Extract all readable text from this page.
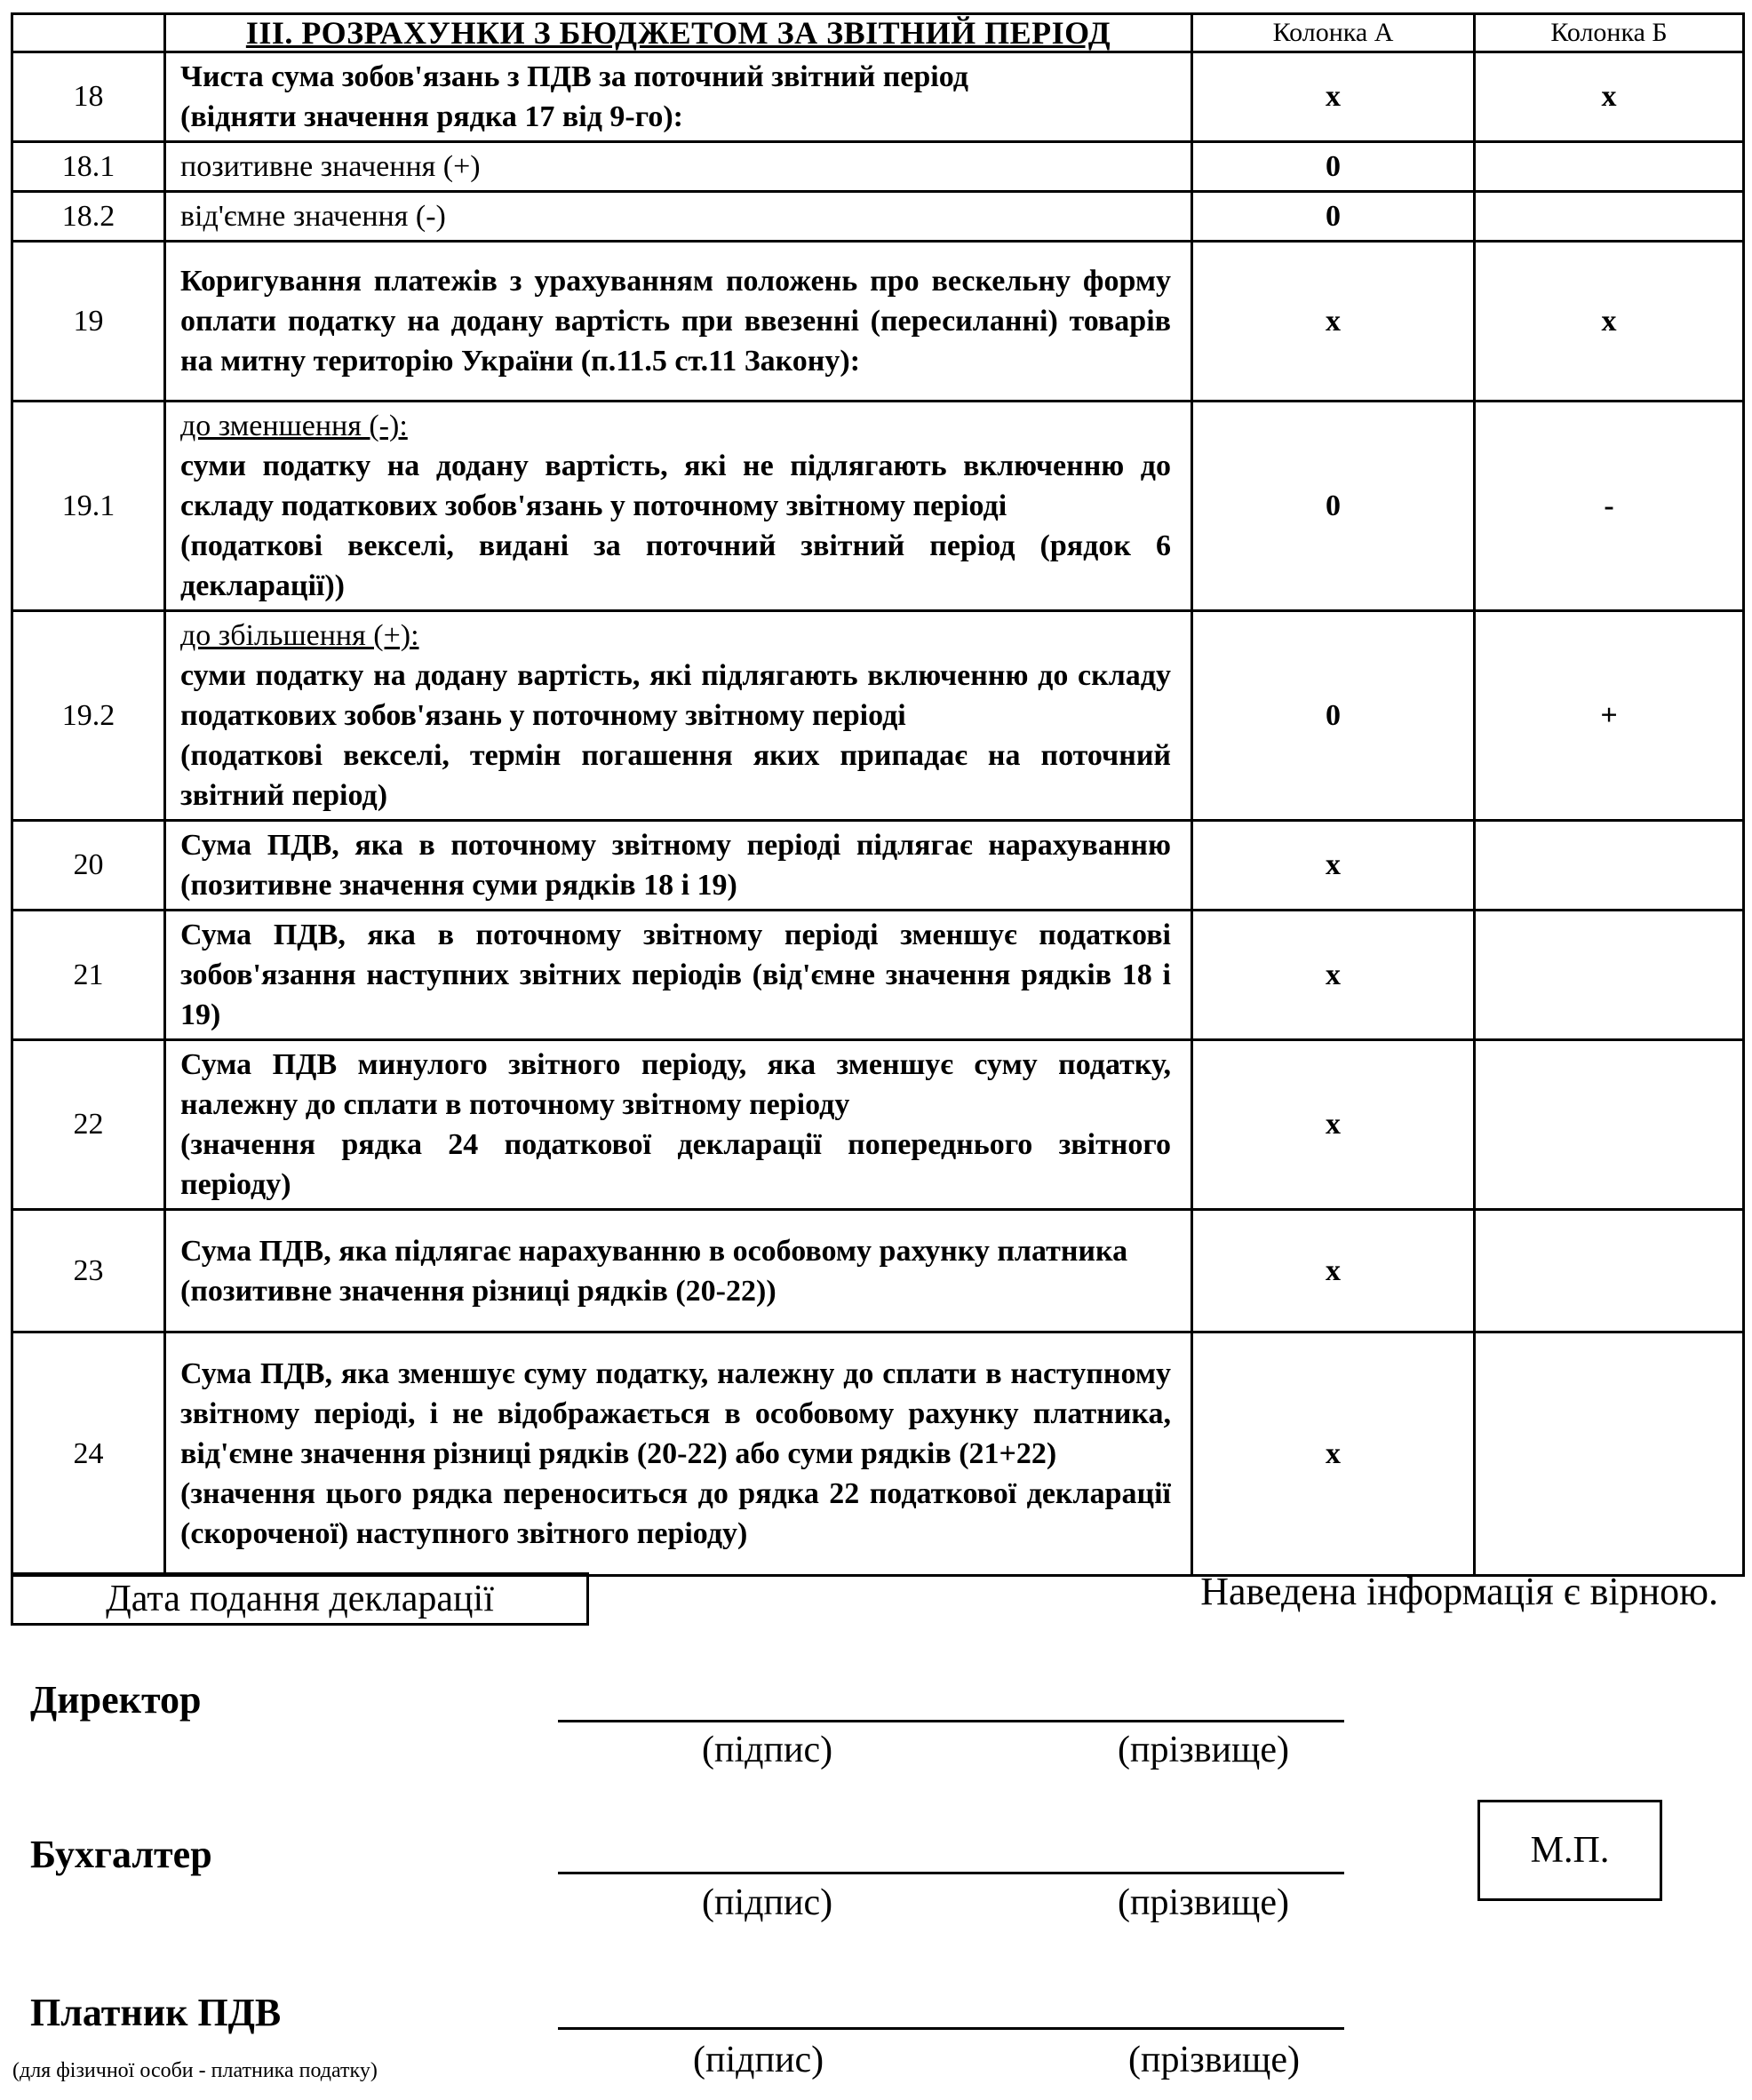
	III. РОЗРАХУНКИ З БЮДЖЕТОМ ЗА ЗВІТНИЙ ПЕРІОД	Колонка А	Колонка Б
18	Чиста сума зобов'язань з ПДВ за поточний звітний період
(відняти значення рядка 17 від 9-го):	х	х
18.1	позитивне значення (+)	0	
18.2	від'ємне значення (-)	0	
19	Коригування платежів з урахуванням положень про вескельну форму оплати податку на додану вартість при ввезенні (пересиланні) товарів на митну територію України (п.11.5 ст.11 Закону):	х	х
19.1	до зменшення (-):
суми податку на додану вартість, які не підлягають включенню до складу податкових зобов'язань у поточному звітному періоді
(податкові векселі, видані за поточний звітний період (рядок 6 декларації))	0	-
19.2	до збільшення (+):
суми податку на додану вартість, які підлягають включенню до складу податкових зобов'язань у поточному звітному періоді
(податкові векселі, термін погашення яких припадає на поточний звітний період)	0	+
20	Сума ПДВ, яка в поточному звітному періоді підлягає нарахуванню (позитивне значення суми рядків 18 і 19)	х	
21	Сума ПДВ, яка в поточному звітному періоді зменшує податкові зобов'язання наступних звітних періодів (від'ємне значення рядків 18 і 19)	х	
22	Сума ПДВ минулого звітного періоду, яка зменшує суму податку, належну до сплати в поточному звітному періоду
(значення рядка 24 податкової декларації попереднього звітного періоду)	х	
23	Сума ПДВ, яка підлягає нарахуванню в особовому рахунку платника
(позитивне значення різниці рядків (20-22))	х	
24	Сума ПДВ, яка зменшує суму податку, належну до сплати в наступному звітному періоді, і не відображається в особовому рахунку платника, від'ємне значення різниці рядків (20-22) або суми рядків (21+22)
(значення цього рядка переноситься до рядка 22 податкової декларації (скороченої) наступного звітного періоду)	х	
Дата подання декларації	Наведена інформація є вірною.
Директор
(підпис)	(прізвище)
Бухгалтер
(підпис)	(прізвище)
М.П.
Платник ПДВ
(підпис)	(прізвище)
(для фізичної особи - платника податку)
